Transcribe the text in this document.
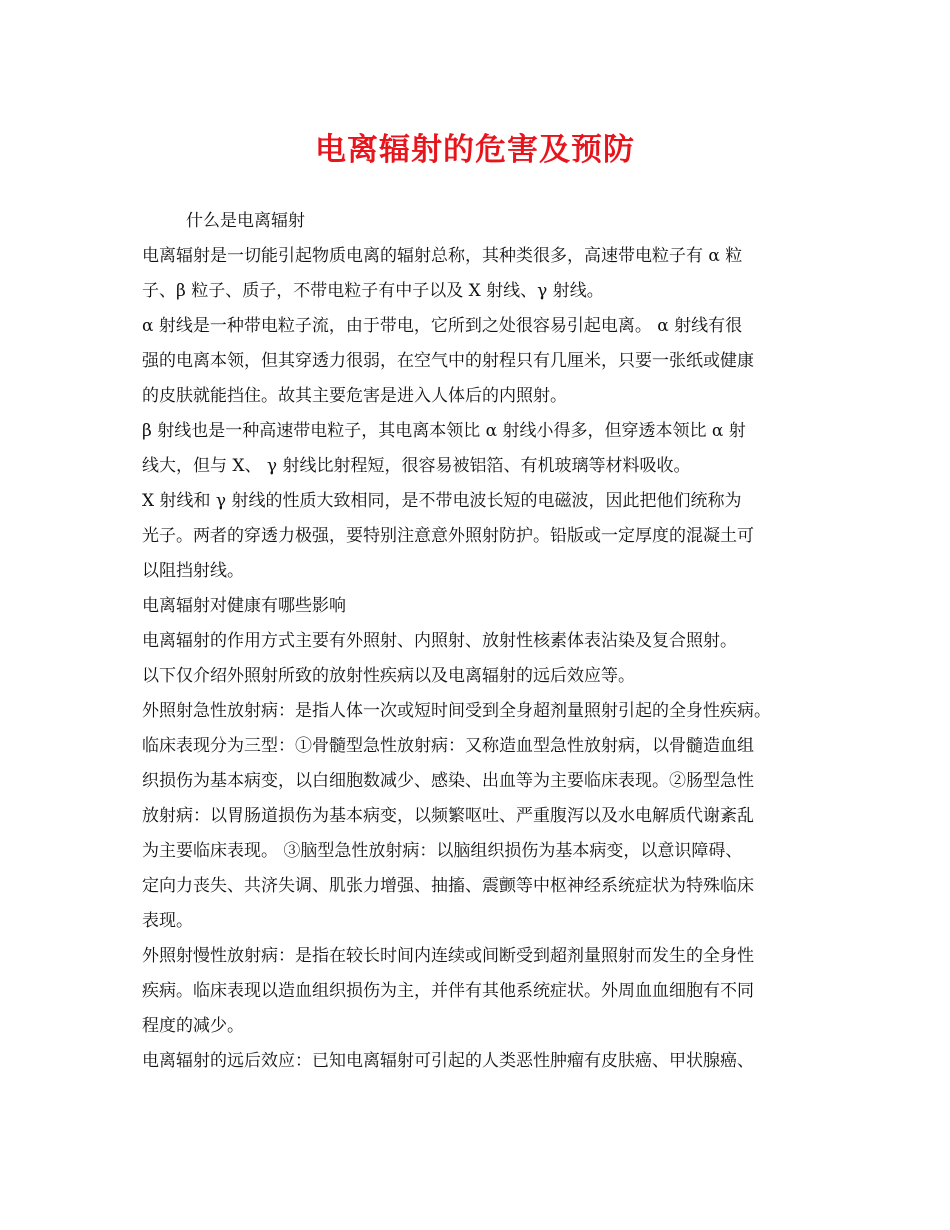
电离辐射的危害及预防

什么是电离辐射

电离辐射是一切能引起物质电离的辐射总称，其种类很多，高速带电粒子有 α 粒

子、β 粒子、质子，不带电粒子有中子以及 X 射线、γ 射线。

α 射线是一种带电粒子流，由于带电，它所到之处很容易引起电离。 α 射线有很

强的电离本领，但其穿透力很弱，在空气中的射程只有几厘米，只要一张纸或健康

的皮肤就能挡住。故其主要危害是进入人体后的内照射。

β 射线也是一种高速带电粒子，其电离本领比 α 射线小得多，但穿透本领比 α 射

线大，但与 X、 γ 射线比射程短，很容易被铝箔、有机玻璃等材料吸收。

X 射线和 γ 射线的性质大致相同，是不带电波长短的电磁波，因此把他们统称为

光子。两者的穿透力极强，要特别注意意外照射防护。铅版或一定厚度的混凝土可

以阻挡射线。

电离辐射对健康有哪些影响

电离辐射的作用方式主要有外照射、内照射、放射性核素体表沾染及复合照射。

以下仅介绍外照射所致的放射性疾病以及电离辐射的远后效应等。

外照射急性放射病：是指人体一次或短时间受到全身超剂量照射引起的全身性疾病。

临床表现分为三型：①骨髓型急性放射病：又称造血型急性放射病，以骨髓造血组

织损伤为基本病变，以白细胞数减少、感染、出血等为主要临床表现。②肠型急性

放射病：以胃肠道损伤为基本病变，以频繁呕吐、严重腹泻以及水电解质代谢紊乱

为主要临床表现。 ③脑型急性放射病：以脑组织损伤为基本病变，以意识障碍、

定向力丧失、共济失调、肌张力增强、抽搐、震颤等中枢神经系统症状为特殊临床

表现。

外照射慢性放射病：是指在较长时间内连续或间断受到超剂量照射而发生的全身性

疾病。临床表现以造血组织损伤为主，并伴有其他系统症状。外周血血细胞有不同

程度的减少。

电离辐射的远后效应：已知电离辐射可引起的人类恶性肿瘤有皮肤癌、甲状腺癌、
